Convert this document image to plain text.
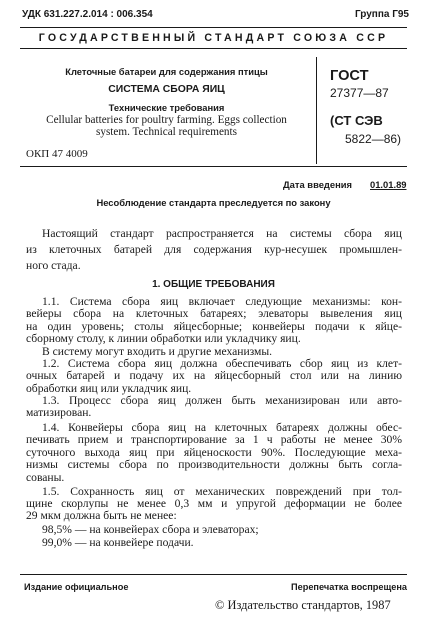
УДК 631.227.2.014 : 006.354	Группа Г95
ГОСУДАРСТВЕННЫЙ СТАНДАРТ СОЮЗА ССР
Клеточные батареи для содержания птицы
СИСТЕМА СБОРА ЯИЦ
Технические требования
Cellular batteries for poultry farming. Eggs collection
system. Technical requirements
ОКП 47 4009
ГОСТ
27377—87
(СТ СЭВ
5822—86)
Дата введения 01.01.89
Несоблюдение стандарта преследуется по закону
Настоящий стандарт распространяется на системы сбора яиц
из клеточных батарей для содержания кур-несушек промышлен-
ного стада.
1. ОБЩИЕ ТРЕБОВАНИЯ
1.1. Система сбора яиц включает следующие механизмы: кон-
вейеры сбора на клеточных батареях; элеваторы вывеления яиц
на один уровень; столы яйцесборные; конвейеры подачи к яйце-
сборному столу, к линии обработки или укладчику яиц.
В систему могут входить и другие механизмы.
1.2. Система сбора яиц должна обеспечивать сбор яиц из клет-
очных батарей и подачу их на яйцесборный стол или на линию
обработки яиц или укладчик яиц.
1.3. Процесс сбора яиц должен быть механизирован или авто-
матизирован.
1.4. Конвейеры сбора яиц на клеточных батареях должны обес-
печивать прием и транспортирование за 1 ч работы не менее 30%
суточного выхода яиц при яйценоскости 90%. Последующие меха-
низмы системы сбора по производительности должны быть согла-
сованы.
1.5. Сохранность яиц от механических повреждений при тол-
щине скорлупы не менее 0,3 мм и упругой деформации не более
29 мкм должна быть не менее:
98,5% — на конвейерах сбора и элеваторах;
99,0% — на конвейере подачи.
Издание официальное	Перепечатка воспрещена
© Издательство стандартов, 1987
